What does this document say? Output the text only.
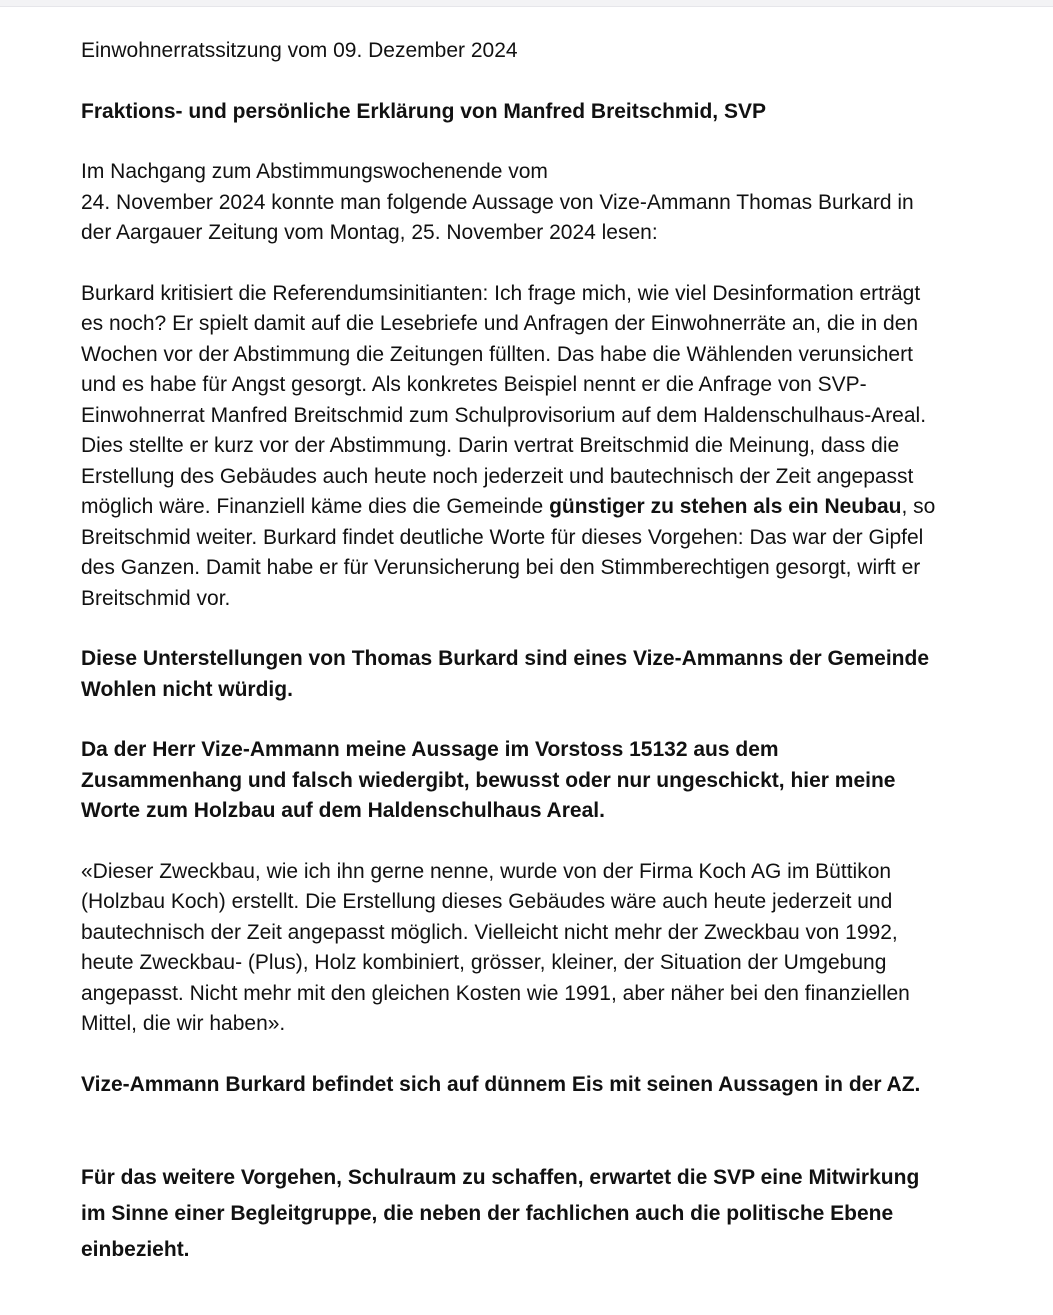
Einwohnerratssitzung vom 09. Dezember 2024

Fraktions- und persönliche Erklärung von Manfred Breitschmid, SVP

Im Nachgang zum Abstimmungswochenende vom
24. November 2024 konnte man folgende Aussage von Vize-Ammann Thomas Burkard in
der Aargauer Zeitung vom Montag, 25. November 2024 lesen:

Burkard kritisiert die Referendumsinitianten: Ich frage mich, wie viel Desinformation erträgt
es noch? Er spielt damit auf die Lesebriefe und Anfragen der Einwohnerräte an, die in den
Wochen vor der Abstimmung die Zeitungen füllten. Das habe die Wählenden verunsichert
und es habe für Angst gesorgt. Als konkretes Beispiel nennt er die Anfrage von SVP-
Einwohnerrat Manfred Breitschmid zum Schulprovisorium auf dem Haldenschulhaus-Areal.
Dies stellte er kurz vor der Abstimmung. Darin vertrat Breitschmid die Meinung, dass die
Erstellung des Gebäudes auch heute noch jederzeit und bautechnisch der Zeit angepasst
möglich wäre. Finanziell käme dies die Gemeinde günstiger zu stehen als ein Neubau, so
Breitschmid weiter. Burkard findet deutliche Worte für dieses Vorgehen: Das war der Gipfel
des Ganzen. Damit habe er für Verunsicherung bei den Stimmberechtigen gesorgt, wirft er
Breitschmid vor.

Diese Unterstellungen von Thomas Burkard sind eines Vize-Ammanns der Gemeinde
Wohlen nicht würdig.

Da der Herr Vize-Ammann meine Aussage im Vorstoss 15132 aus dem
Zusammenhang und falsch wiedergibt, bewusst oder nur ungeschickt, hier meine
Worte zum Holzbau auf dem Haldenschulhaus Areal.

«Dieser Zweckbau, wie ich ihn gerne nenne, wurde von der Firma Koch AG im Büttikon
(Holzbau Koch) erstellt. Die Erstellung dieses Gebäudes wäre auch heute jederzeit und
bautechnisch der Zeit angepasst möglich. Vielleicht nicht mehr der Zweckbau von 1992,
heute Zweckbau- (Plus), Holz kombiniert, grösser, kleiner, der Situation der Umgebung
angepasst. Nicht mehr mit den gleichen Kosten wie 1991, aber näher bei den finanziellen
Mittel, die wir haben».

Vize-Ammann Burkard befindet sich auf dünnem Eis mit seinen Aussagen in der AZ.

Für das weitere Vorgehen, Schulraum zu schaffen, erwartet die SVP eine Mitwirkung
im Sinne einer Begleitgruppe, die neben der fachlichen auch die politische Ebene
einbezieht.
